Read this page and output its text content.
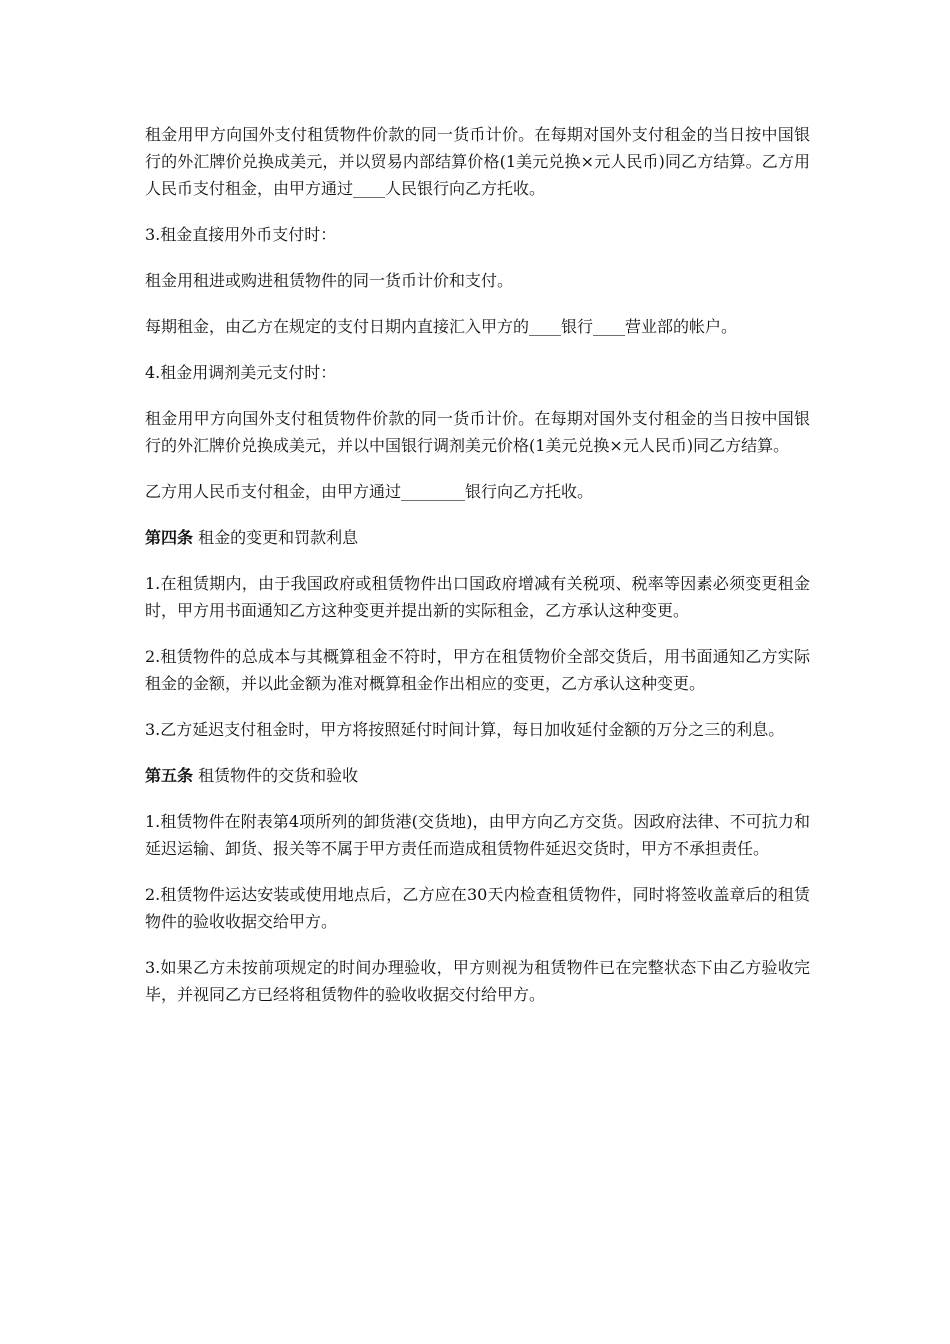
租金用甲方向国外支付租赁物件价款的同一货币计价。在每期对国外支付租金的当日按中国银行的外汇牌价兑换成美元，并以贸易内部结算价格(1美元兑换×元人民币)同乙方结算。乙方用人民币支付租金，由甲方通过____人民银行向乙方托收。

3.租金直接用外币支付时：

租金用租进或购进租赁物件的同一货币计价和支付。

每期租金，由乙方在规定的支付日期内直接汇入甲方的____银行____营业部的帐户。

4.租金用调剂美元支付时：

租金用甲方向国外支付租赁物件价款的同一货币计价。在每期对国外支付租金的当日按中国银行的外汇牌价兑换成美元，并以中国银行调剂美元价格(1美元兑换×元人民币)同乙方结算。

乙方用人民币支付租金，由甲方通过________银行向乙方托收。

第四条 租金的变更和罚款利息

1.在租赁期内，由于我国政府或租赁物件出口国政府增减有关税项、税率等因素必须变更租金时，甲方用书面通知乙方这种变更并提出新的实际租金，乙方承认这种变更。

2.租赁物件的总成本与其概算租金不符时，甲方在租赁物价全部交货后，用书面通知乙方实际租金的金额，并以此金额为准对概算租金作出相应的变更，乙方承认这种变更。

3.乙方延迟支付租金时，甲方将按照延付时间计算，每日加收延付金额的万分之三的利息。

第五条 租赁物件的交货和验收

1.租赁物件在附表第4项所列的卸货港(交货地)，由甲方向乙方交货。因政府法律、不可抗力和延迟运输、卸货、报关等不属于甲方责任而造成租赁物件延迟交货时，甲方不承担责任。

2.租赁物件运达安装或使用地点后，乙方应在30天内检查租赁物件，同时将签收盖章后的租赁物件的验收收据交给甲方。

3.如果乙方未按前项规定的时间办理验收，甲方则视为租赁物件已在完整状态下由乙方验收完毕，并视同乙方已经将租赁物件的验收收据交付给甲方。
